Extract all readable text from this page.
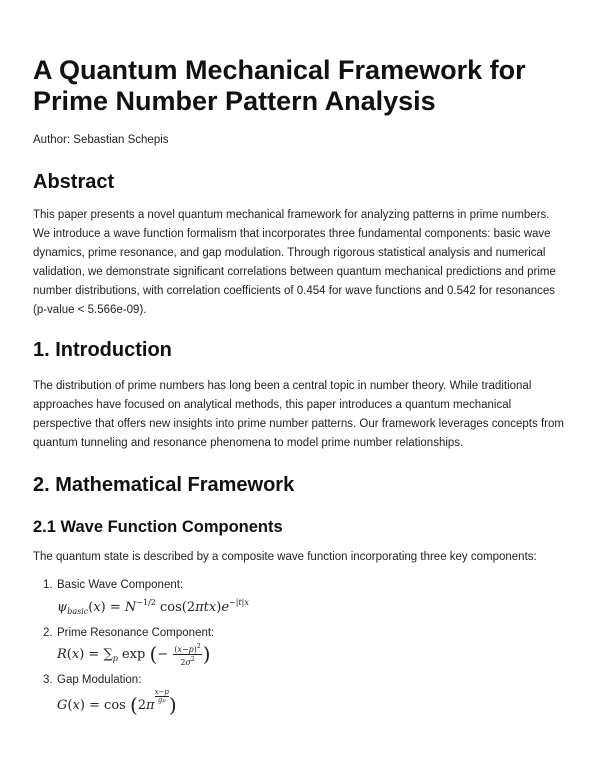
A Quantum Mechanical Framework for Prime Number Pattern Analysis
Author: Sebastian Schepis
Abstract

This paper presents a novel quantum mechanical framework for analyzing patterns in prime numbers. We introduce a wave function formalism that incorporates three fundamental components: basic wave dynamics, prime resonance, and gap modulation. Through rigorous statistical analysis and numerical validation, we demonstrate significant correlations between quantum mechanical predictions and prime number distributions, with correlation coefficients of 0.454 for wave functions and 0.542 for resonances (p-value < 5.566e-09).

1. Introduction

The distribution of prime numbers has long been a central topic in number theory. While traditional approaches have focused on analytical methods, this paper introduces a quantum mechanical perspective that offers new insights into prime number patterns. Our framework leverages concepts from quantum tunneling and resonance phenomena to model prime number relationships.

2. Mathematical Framework
2.1 Wave Function Components

The quantum state is described by a composite wave function incorporating three key components:

1. Basic Wave Component:
$\psi_{basic}(x) = N^{-1/2}$ $\cos(2\pi tx)e^{-|t|x}$
2. Prime Resonance Component:
$R(x) = \sum_p$ exp (− $\frac{(x-p)^2}{2\sigma^2}$ )
3. Gap Modulation:
G(x) = cos (2π
$\frac{x-p}{gp}$ )
